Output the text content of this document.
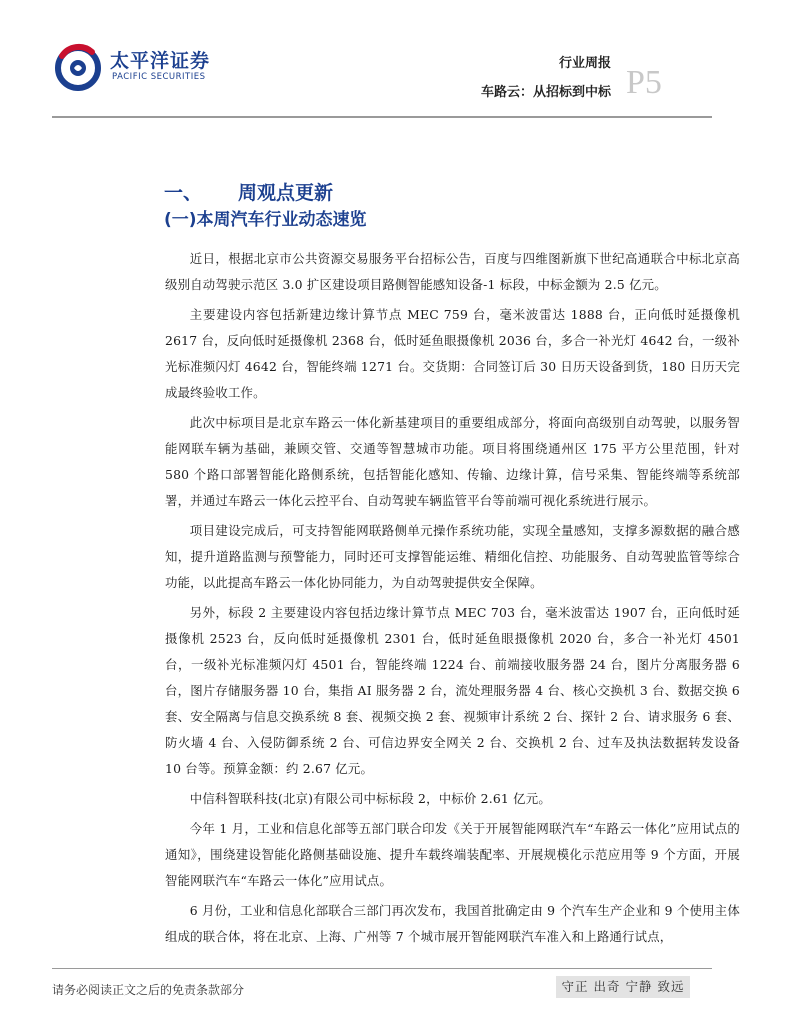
太平洋证券
PACIFIC SECURITIES
行业周报
车路云：从招标到中标 P5
一、 周观点更新
(一)本周汽车行业动态速览

近日，根据北京市公共资源交易服务平台招标公告，百度与四维图新旗下世纪高通联合中标北京高级别自动驾驶示范区 3.0 扩区建设项目路侧智能感知设备-1 标段，中标金额为 2.5 亿元。

主要建设内容包括新建边缘计算节点 MEC 759 台，毫米波雷达 1888 台，正向低时延摄像机2617 台，反向低时延摄像机 2368 台，低时延鱼眼摄像机 2036 台，多合一补光灯 4642 台，一级补光标准频闪灯 4642 台，智能终端 1271 台。交货期：合同签订后 30 日历天设备到货，180 日历天完成最终验收工作。

此次中标项目是北京车路云一体化新基建项目的重要组成部分，将面向高级别自动驾驶，以服务智能网联车辆为基础，兼顾交管、交通等智慧城市功能。项目将围绕通州区 175 平方公里范围，针对 580 个路口部署智能化路侧系统，包括智能化感知、传输、边缘计算，信号采集、智能终端等系统部署，并通过车路云一体化云控平台、自动驾驶车辆监管平台等前端可视化系统进行展示。

项目建设完成后，可支持智能网联路侧单元操作系统功能，实现全量感知，支撑多源数据的融合感知，提升道路监测与预警能力，同时还可支撑智能运维、精细化信控、功能服务、自动驾驶监管等综合功能，以此提高车路云一体化协同能力，为自动驾驶提供安全保障。

另外，标段 2 主要建设内容包括边缘计算节点 MEC 703 台，毫米波雷达 1907 台，正向低时延摄像机 2523 台，反向低时延摄像机 2301 台，低时延鱼眼摄像机 2020 台，多合一补光灯 4501 台，一级补光标准频闪灯 4501 台，智能终端 1224 台、前端接收服务器 24 台，图片分离服务器 6 台，图片存储服务器 10 台，集指 AI 服务器 2 台，流处理服务器 4 台、核心交换机 3 台、数据交换 6 套、安全隔离与信息交换系统 8 套、视频交换 2 套、视频审计系统 2 台、探针 2 台、请求服务 6 套、防火墙 4 台、入侵防御系统 2 台、可信边界安全网关 2 台、交换机 2 台、过车及执法数据转发设备 10 台等。预算金额：约 2.67 亿元。

中信科智联科技(北京)有限公司中标标段 2，中标价 2.61 亿元。

今年 1 月，工业和信息化部等五部门联合印发《关于开展智能网联汽车“车路云一体化”应用试点的通知》，围绕建设智能化路侧基础设施、提升车载终端装配率、开展规模化示范应用等 9 个方面，开展智能网联汽车“车路云一体化”应用试点。

6 月份，工业和信息化部联合三部门再次发布，我国首批确定由 9 个汽车生产企业和 9 个使用主体组成的联合体，将在北京、上海、广州等 7 个城市展开智能网联汽车准入和上路通行试点，

请务必阅读正文之后的免责条款部分	守正 出奇 宁静 致远
